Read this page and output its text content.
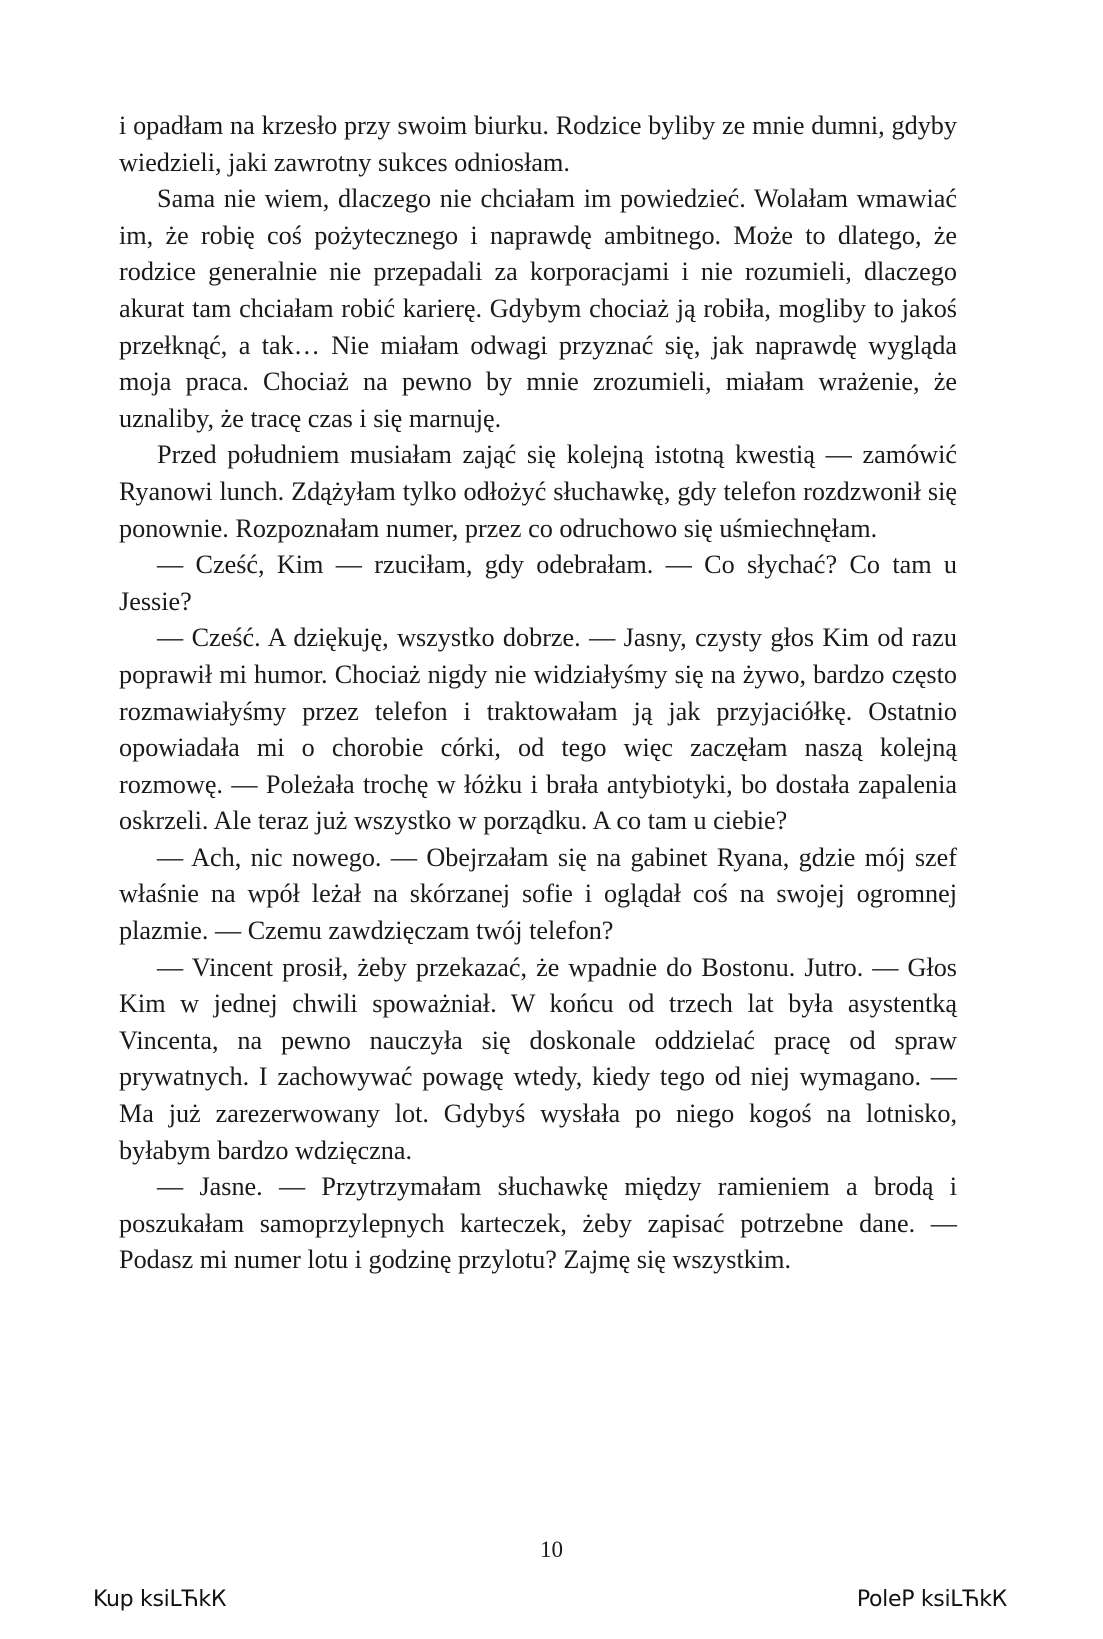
i opadłam na krzesło przy swoim biurku. Rodzice byliby ze mnie dumni, gdyby wiedzieli, jaki zawrotny sukces odniosłam.

Sama nie wiem, dlaczego nie chciałam im powiedzieć. Wolałam wmawiać im, że robię coś pożytecznego i naprawdę ambitnego. Może to dlatego, że rodzice generalnie nie przepadali za korporacjami i nie rozumieli, dlaczego akurat tam chciałam robić karierę. Gdybym chociaż ją robiła, mogliby to jakoś przełknąć, a tak… Nie miałam odwagi przyznać się, jak naprawdę wygląda moja praca. Chociaż na pewno by mnie zrozumieli, miałam wrażenie, że uznaliby, że tracę czas i się marnuję.

Przed południem musiałam zająć się kolejną istotną kwestią — zamówić Ryanowi lunch. Zdążyłam tylko odłożyć słuchawkę, gdy telefon rozdzwonił się ponownie. Rozpoznałam numer, przez co odruchowo się uśmiechnęłam.

— Cześć, Kim — rzuciłam, gdy odebrałam. — Co słychać? Co tam u Jessie?

— Cześć. A dziękuję, wszystko dobrze. — Jasny, czysty głos Kim od razu poprawił mi humor. Chociaż nigdy nie widziałyśmy się na żywo, bardzo często rozmawiałyśmy przez telefon i traktowałam ją jak przyjaciółkę. Ostatnio opowiadała mi o chorobie córki, od tego więc zaczęłam naszą kolejną rozmowę. — Poleżała trochę w łóżku i brała antybiotyki, bo dostała zapalenia oskrzeli. Ale teraz już wszystko w porządku. A co tam u ciebie?

— Ach, nic nowego. — Obejrzałam się na gabinet Ryana, gdzie mój szef właśnie na wpół leżał na skórzanej sofie i oglądał coś na swojej ogromnej plazmie. — Czemu zawdzięczam twój telefon?

— Vincent prosił, żeby przekazać, że wpadnie do Bostonu. Jutro. — Głos Kim w jednej chwili spoważniał. W końcu od trzech lat była asystentką Vincenta, na pewno nauczyła się doskonale oddzielać pracę od spraw prywatnych. I zachowywać powagę wtedy, kiedy tego od niej wymagano. — Ma już zarezerwowany lot. Gdybyś wysłała po niego kogoś na lotnisko, byłabym bardzo wdzięczna.

— Jasne. — Przytrzymałam słuchawkę między ramieniem a brodą i poszukałam samoprzylepnych karteczek, żeby zapisać potrzebne dane. — Podasz mi numer lotu i godzinę przylotu? Zajmę się wszystkim.

10
Kup ksiLЋkК	PoleР ksiLЋkК
